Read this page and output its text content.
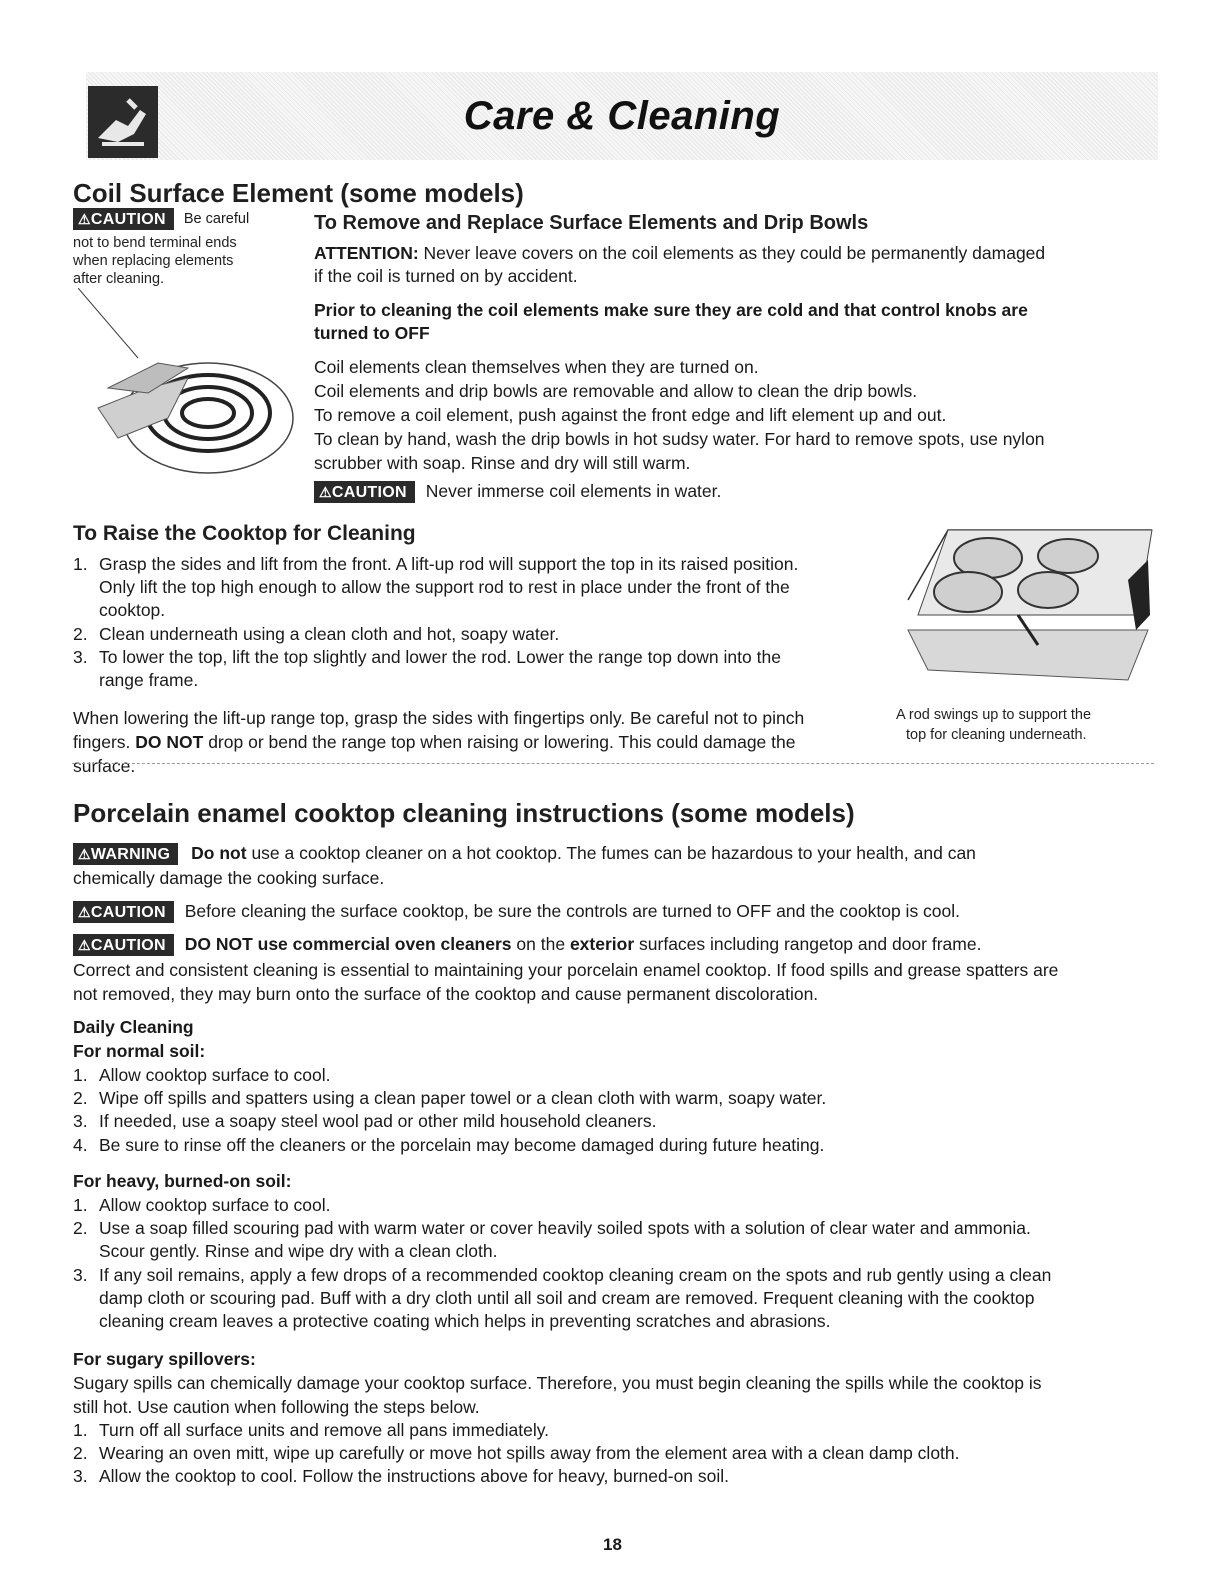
Care & Cleaning
Coil Surface Element (some models)
⚠CAUTION Be careful
not to bend terminal ends
when replacing elements
after cleaning.
To Remove and Replace Surface Elements and Drip Bowls
ATTENTION: Never leave covers on the coil elements as they could be permanently damaged
if the coil is turned on by accident.
Prior to cleaning the coil elements make sure they are cold and that control knobs are
turned to OFF
Coil elements clean themselves when they are turned on.
Coil elements and drip bowls are removable and allow to clean the drip bowls.
To remove a coil element, push against the front edge and lift element up and out.
To clean by hand, wash the drip bowls in hot sudsy water. For hard to remove spots, use nylon
scrubber with soap. Rinse and dry will still warm.
⚠CAUTION Never immerse coil elements in water.
To Raise the Cooktop for Cleaning
1. Grasp the sides and lift from the front. A lift-up rod will support the top in its raised position.
Only lift the top high enough to allow the support rod to rest in place under the front of the
cooktop.
2. Clean underneath using a clean cloth and hot, soapy water.
3. To lower the top, lift the top slightly and lower the rod. Lower the range top down into the
range frame.
When lowering the lift-up range top, grasp the sides with fingertips only. Be careful not to pinch
fingers. DO NOT drop or bend the range top when raising or lowering. This could damage the
surface.
A rod swings up to support the
top for cleaning underneath.
Porcelain enamel cooktop cleaning instructions (some models)
⚠WARNING Do not use a cooktop cleaner on a hot cooktop. The fumes can be hazardous to your health, and can
chemically damage the cooking surface.
⚠CAUTION Before cleaning the surface cooktop, be sure the controls are turned to OFF and the cooktop is cool.
⚠CAUTION DO NOT use commercial oven cleaners on the exterior surfaces including rangetop and door frame.
Correct and consistent cleaning is essential to maintaining your porcelain enamel cooktop. If food spills and grease spatters are
not removed, they may burn onto the surface of the cooktop and cause permanent discoloration.
Daily Cleaning
For normal soil:
1. Allow cooktop surface to cool.
2. Wipe off spills and spatters using a clean paper towel or a clean cloth with warm, soapy water.
3. If needed, use a soapy steel wool pad or other mild household cleaners.
4. Be sure to rinse off the cleaners or the porcelain may become damaged during future heating.
For heavy, burned-on soil:
1. Allow cooktop surface to cool.
2. Use a soap filled scouring pad with warm water or cover heavily soiled spots with a solution of clear water and ammonia.
Scour gently. Rinse and wipe dry with a clean cloth.
3. If any soil remains, apply a few drops of a recommended cooktop cleaning cream on the spots and rub gently using a clean
damp cloth or scouring pad. Buff with a dry cloth until all soil and cream are removed. Frequent cleaning with the cooktop
cleaning cream leaves a protective coating which helps in preventing scratches and abrasions.
For sugary spillovers:
Sugary spills can chemically damage your cooktop surface. Therefore, you must begin cleaning the spills while the cooktop is
still hot. Use caution when following the steps below.
1. Turn off all surface units and remove all pans immediately.
2. Wearing an oven mitt, wipe up carefully or move hot spills away from the element area with a clean damp cloth.
3. Allow the cooktop to cool. Follow the instructions above for heavy, burned-on soil.
18
